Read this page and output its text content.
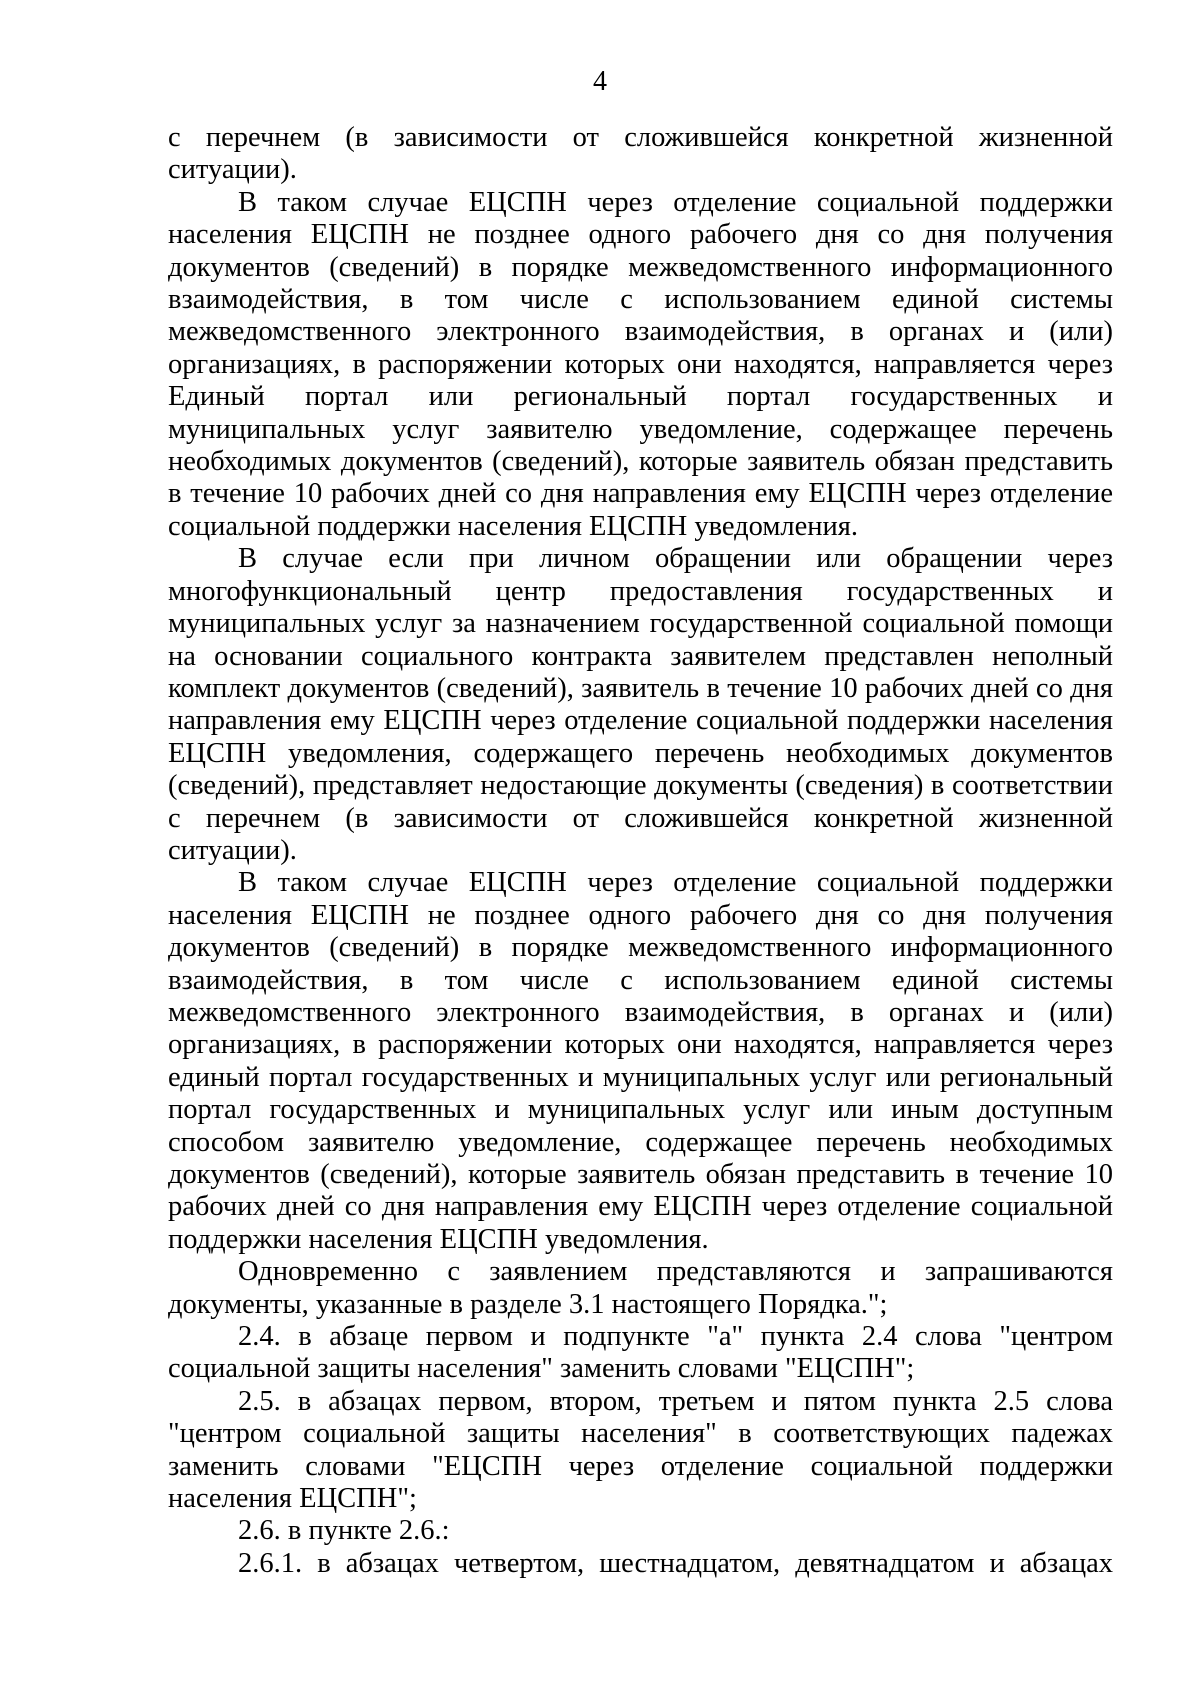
4

с перечнем (в зависимости от сложившейся конкретной жизненной ситуации).

В таком случае ЕЦСПН через отделение социальной поддержки населения ЕЦСПН не позднее одного рабочего дня со дня получения документов (сведений) в порядке межведомственного информационного взаимодействия, в том числе с использованием единой системы межведомственного электронного взаимодействия, в органах и (или) организациях, в распоряжении которых они находятся, направляется через Единый портал или региональный портал государственных и муниципальных услуг заявителю уведомление, содержащее перечень необходимых документов (сведений), которые заявитель обязан представить в течение 10 рабочих дней со дня направления ему ЕЦСПН через отделение социальной поддержки населения ЕЦСПН уведомления.

В случае если при личном обращении или обращении через многофункциональный центр предоставления государственных и муниципальных услуг за назначением государственной социальной помощи на основании социального контракта заявителем представлен неполный комплект документов (сведений), заявитель в течение 10 рабочих дней со дня направления ему ЕЦСПН через отделение социальной поддержки населения ЕЦСПН уведомления, содержащего перечень необходимых документов (сведений), представляет недостающие документы (сведения) в соответствии с перечнем (в зависимости от сложившейся конкретной жизненной ситуации).

В таком случае ЕЦСПН через отделение социальной поддержки населения ЕЦСПН не позднее одного рабочего дня со дня получения документов (сведений) в порядке межведомственного информационного взаимодействия, в том числе с использованием единой системы межведомственного электронного взаимодействия, в органах и (или) организациях, в распоряжении которых они находятся, направляется через единый портал государственных и муниципальных услуг или региональный портал государственных и муниципальных услуг или иным доступным способом заявителю уведомление, содержащее перечень необходимых документов (сведений), которые заявитель обязан представить в течение 10 рабочих дней со дня направления ему ЕЦСПН через отделение социальной поддержки населения ЕЦСПН уведомления.

Одновременно с заявлением представляются и запрашиваются документы, указанные в разделе 3.1 настоящего Порядка.";

2.4. в абзаце первом и подпункте "а" пункта 2.4 слова "центром социальной защиты населения" заменить словами "ЕЦСПН";

2.5. в абзацах первом, втором, третьем и пятом пункта 2.5 слова "центром социальной защиты населения" в соответствующих падежах заменить словами "ЕЦСПН через отделение социальной поддержки населения ЕЦСПН";

2.6. в пункте 2.6.:

2.6.1. в абзацах четвертом, шестнадцатом, девятнадцатом и абзацах
